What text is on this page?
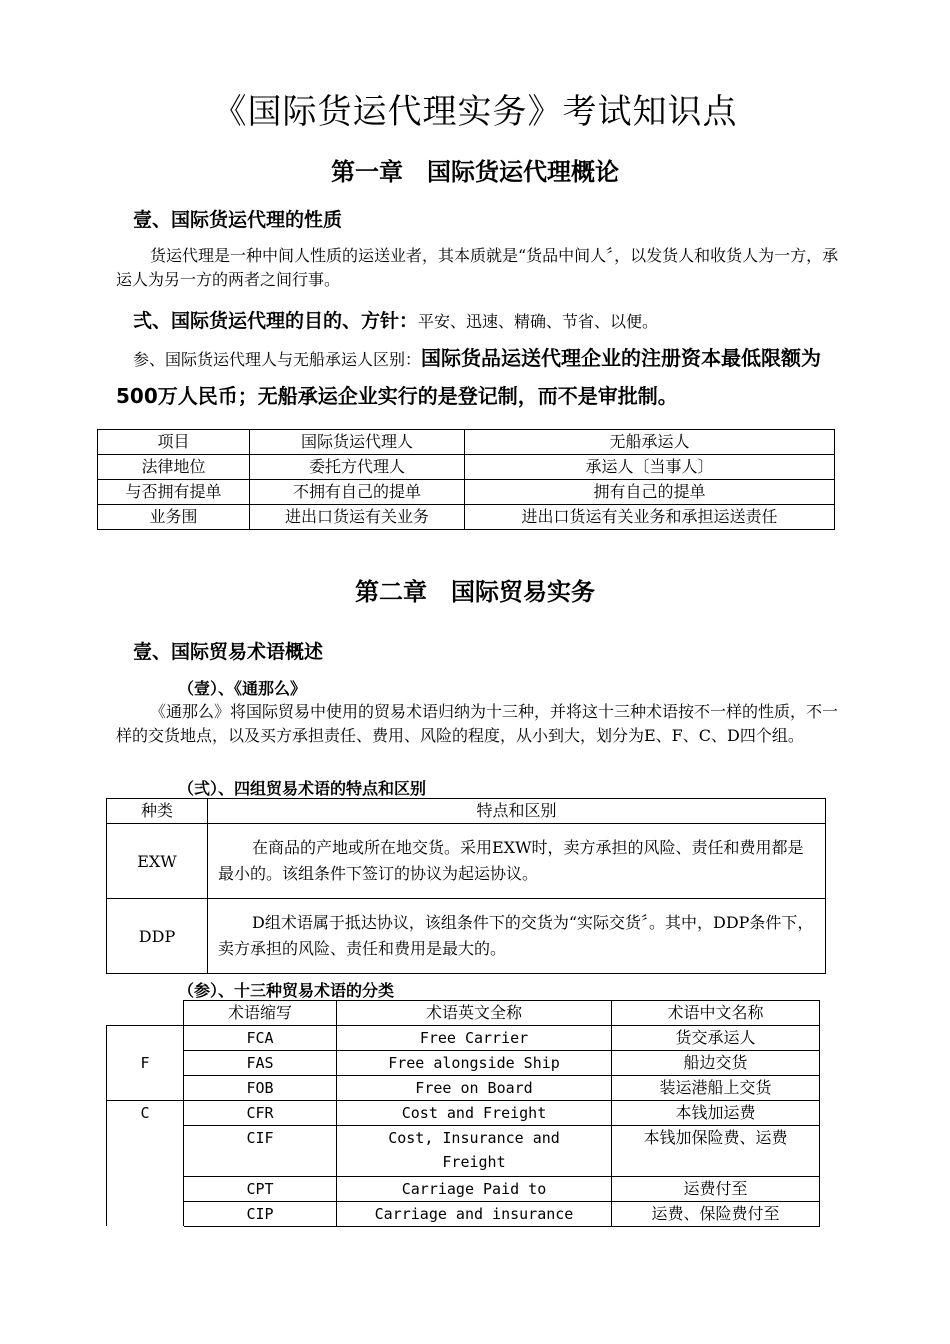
《国际货运代理实务》考试知识点
第一章　国际货运代理概论
壹、国际货运代理的性质
货运代理是一种中间人性质的运送业者，其本质就是“货品中间人〞，以发货人和收货人为一方，承运人为另一方的两者之间行事。
弍、国际货运代理的目的、方针：平安、迅速、精确、节省、以便。
参、国际货运代理人与无船承运人区别：国际货品运送代理企业的注册资本最低限额为500万人民币；无船承运企业实行的是登记制，而不是审批制。
项目	国际货运代理人	无船承运人
法律地位	委托方代理人	承运人〔当事人〕
与否拥有提单	不拥有自己的提单	拥有自己的提单
业务围	进出口货运有关业务	进出口货运有关业务和承担运送责任
第二章　国际贸易实务
壹、国际贸易术语概述
（壹）、《通那么》
《通那么》将国际贸易中使用的贸易术语归纳为十三种，并将这十三种术语按不一样的性质，不一样的交货地点，以及买方承担责任、费用、风险的程度，从小到大，划分为E、F、C、D四个组。
（弍）、四组贸易术语的特点和区别
种类	特点和区别
EXW	在商品的产地或所在地交货。采用EXW时，卖方承担的风险、责任和费用都是最小的。该组条件下签订的协议为起运协议。
DDP	D组术语属于抵达协议，该组条件下的交货为“实际交货〞。其中，DDP条件下，卖方承担的风险、责任和费用是最大的。
（参）、十三种贸易术语的分类
	术语缩写	术语英文全称	术语中文名称
F	FCA	Free Carrier	货交承运人
	FAS	Free alongside Ship	船边交货
	FOB	Free on Board	装运港船上交货
C	CFR	Cost and Freight	本钱加运费
	CIF	Cost, Insurance and Freight	本钱加保险费、运费
	CPT	Carriage Paid to	运费付至
	CIP	Carriage and insurance	运费、保险费付至
